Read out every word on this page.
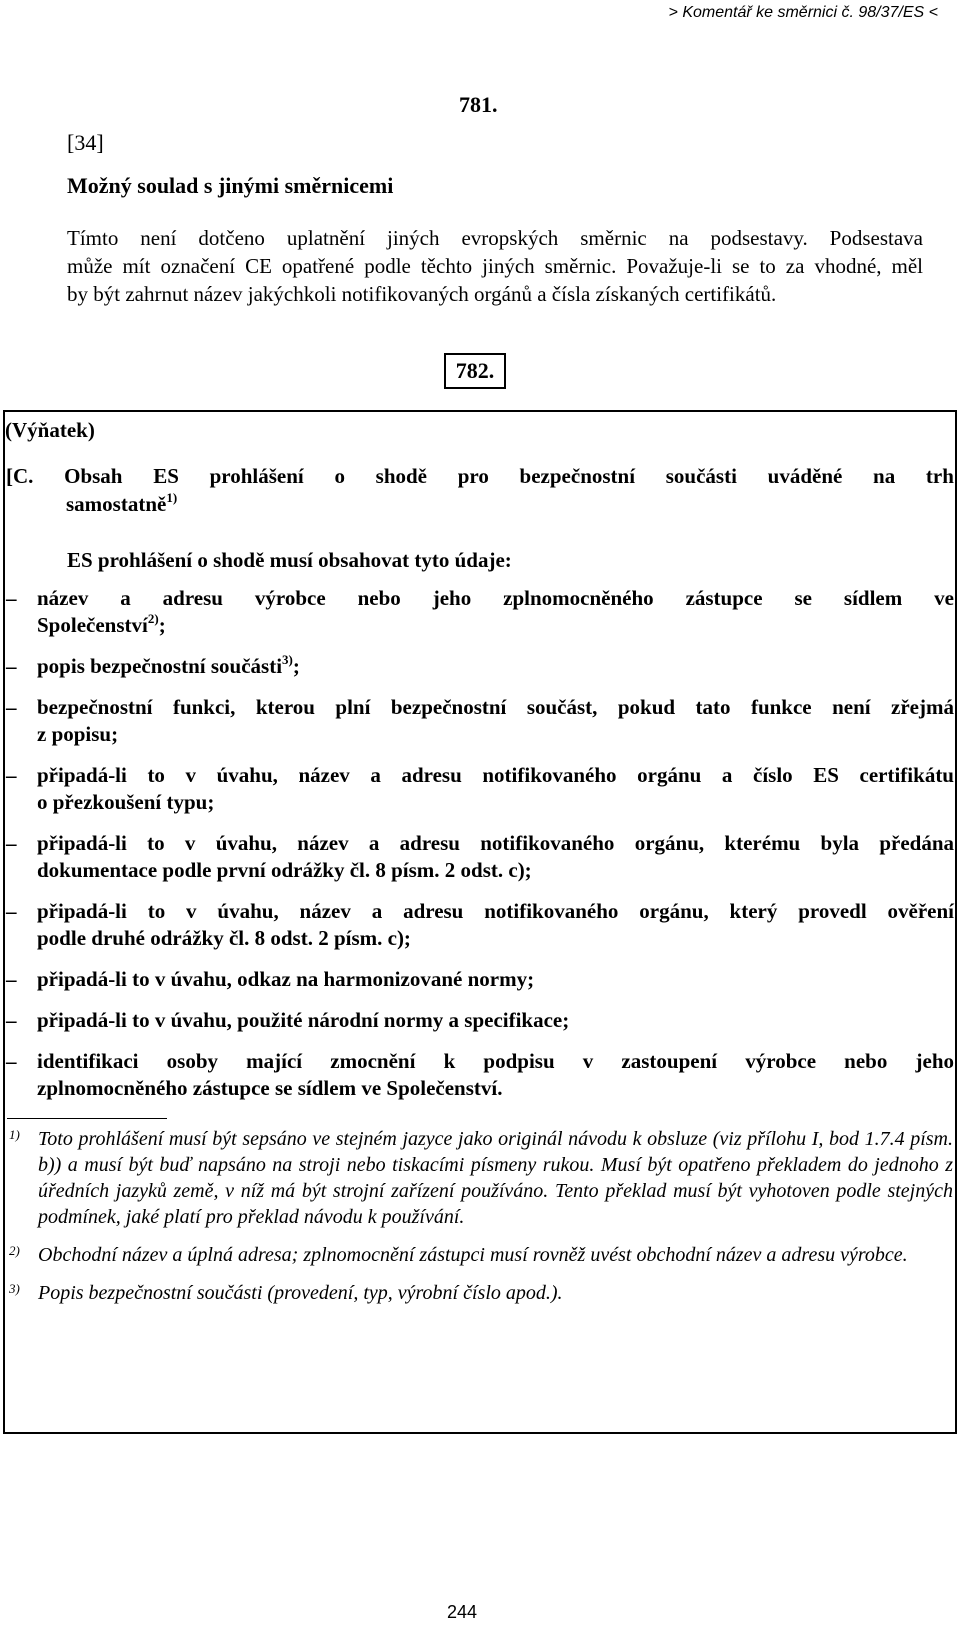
> Komentář ke směrnici č. 98/37/ES <
781.
[34]
Možný soulad s jinými směrnicemi
Tímto není dotčeno uplatnění jiných evropských směrnic na podsestavy. Podsestava
může mít označení CE opatřené podle těchto jiných směrnic. Považuje-li se to za vhodné, měl
by být zahrnut název jakýchkoli notifikovaných orgánů a čísla získaných certifikátů.
782.
(Výňatek)
[C. Obsah ES prohlášení o shodě pro bezpečnostní součásti uváděné na trh
samostatně$^{1)}$
ES prohlášení o shodě musí obsahovat tyto údaje:
– název a adresu výrobce nebo jeho zplnomocněného zástupce se sídlem ve
Společenství$^{2)}$;
– popis bezpečnostní součásti$^{3)}$;
– bezpečnostní funkci, kterou plní bezpečnostní součást, pokud tato funkce není zřejmá
z popisu;
– připadá-li to v úvahu, název a adresu notifikovaného orgánu a číslo ES certifikátu
o přezkoušení typu;
– připadá-li to v úvahu, název a adresu notifikovaného orgánu, kterému byla předána
dokumentace podle první odrážky čl. 8 písm. 2 odst. c);
– připadá-li to v úvahu, název a adresu notifikovaného orgánu, který provedl ověření
podle druhé odrážky čl. 8 odst. 2 písm. c);
– připadá-li to v úvahu, odkaz na harmonizované normy;
– připadá-li to v úvahu, použité národní normy a specifikace;
– identifikaci osoby mající zmocnění k podpisu v zastoupení výrobce nebo jeho
zplnomocněného zástupce se sídlem ve Společenství.
1) Toto prohlášení musí být sepsáno ve stejném jazyce jako originál návodu k obsluze (viz přílohu I, bod 1.7.4 písm. b)) a musí být buď napsáno na stroji nebo tiskacími písmeny rukou. Musí být opatřeno překladem do jednoho z úředních jazyků země, v níž má být strojní zařízení používáno. Tento překlad musí být vyhotoven podle stejných podmínek, jaké platí pro překlad návodu k používání.
2) Obchodní název a úplná adresa; zplnomocnění zástupci musí rovněž uvést obchodní název a adresu výrobce.
3) Popis bezpečnostní součásti (provedení, typ, výrobní číslo apod.).
244
